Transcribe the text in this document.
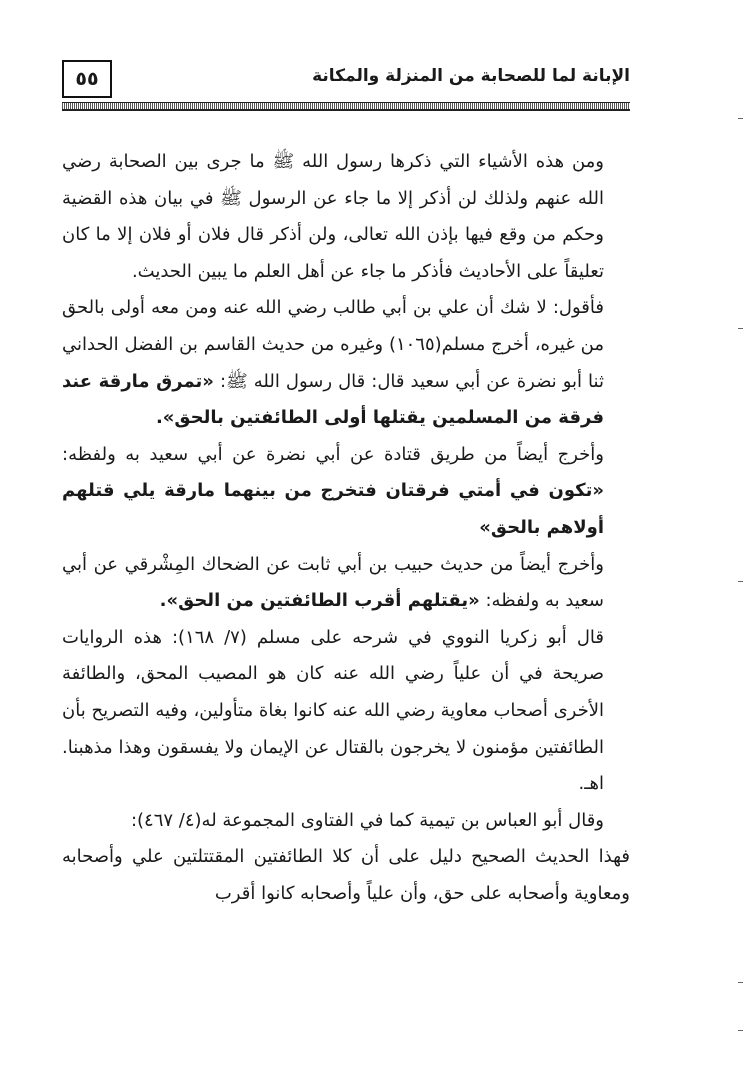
٥٥	الإبانة لما للصحابة من المنزلة والمكانة

ومن هذه الأشياء التي ذكرها رسول الله ﷺ ما جرى بين الصحابة رضي الله عنهم ولذلك لن أذكر إلا ما جاء عن الرسول ﷺ في بيان هذه القضية وحكم من وقع فيها بإذن الله تعالى، ولن أذكر قال فلان أو فلان إلا ما كان تعليقاً على الأحاديث فأذكر ما جاء عن أهل العلم ما يبين الحديث.

فأقول: لا شك أن علي بن أبي طالب رضي الله عنه ومن معه أولى بالحق من غيره، أخرج مسلم(١٠٦٥) وغيره من حديث القاسم بن الفضل الحداني ثنا أبو نضرة عن أبي سعيد قال: قال رسول الله ﷺ: «تمرق مارقة عند فرقة من المسلمين يقتلها أولى الطائفتين بالحق».

وأخرج أيضاً من طريق قتادة عن أبي نضرة عن أبي سعيد به ولفظه: «تكون في أمتي فرقتان فتخرج من بينهما مارقة يلي قتلهم أولاهم بالحق»

وأخرج أيضاً من حديث حبيب بن أبي ثابت عن الضحاك المِشْرقي عن أبي سعيد به ولفظه: «يقتلهم أقرب الطائفتين من الحق».

قال أبو زكريا النووي في شرحه على مسلم (٧/ ١٦٨): هذه الروايات صريحة في أن علياً رضي الله عنه كان هو المصيب المحق، والطائفة الأخرى أصحاب معاوية رضي الله عنه كانوا بغاة متأولين، وفيه التصريح بأن الطائفتين مؤمنون لا يخرجون بالقتال عن الإيمان ولا يفسقون وهذا مذهبنا. اهـ.

وقال أبو العباس بن تيمية كما في الفتاوى المجموعة له(٤/ ٤٦٧):

فهذا الحديث الصحيح دليل على أن كلا الطائفتين المقتتلتين علي وأصحابه ومعاوية وأصحابه على حق، وأن علياً وأصحابه كانوا أقرب
